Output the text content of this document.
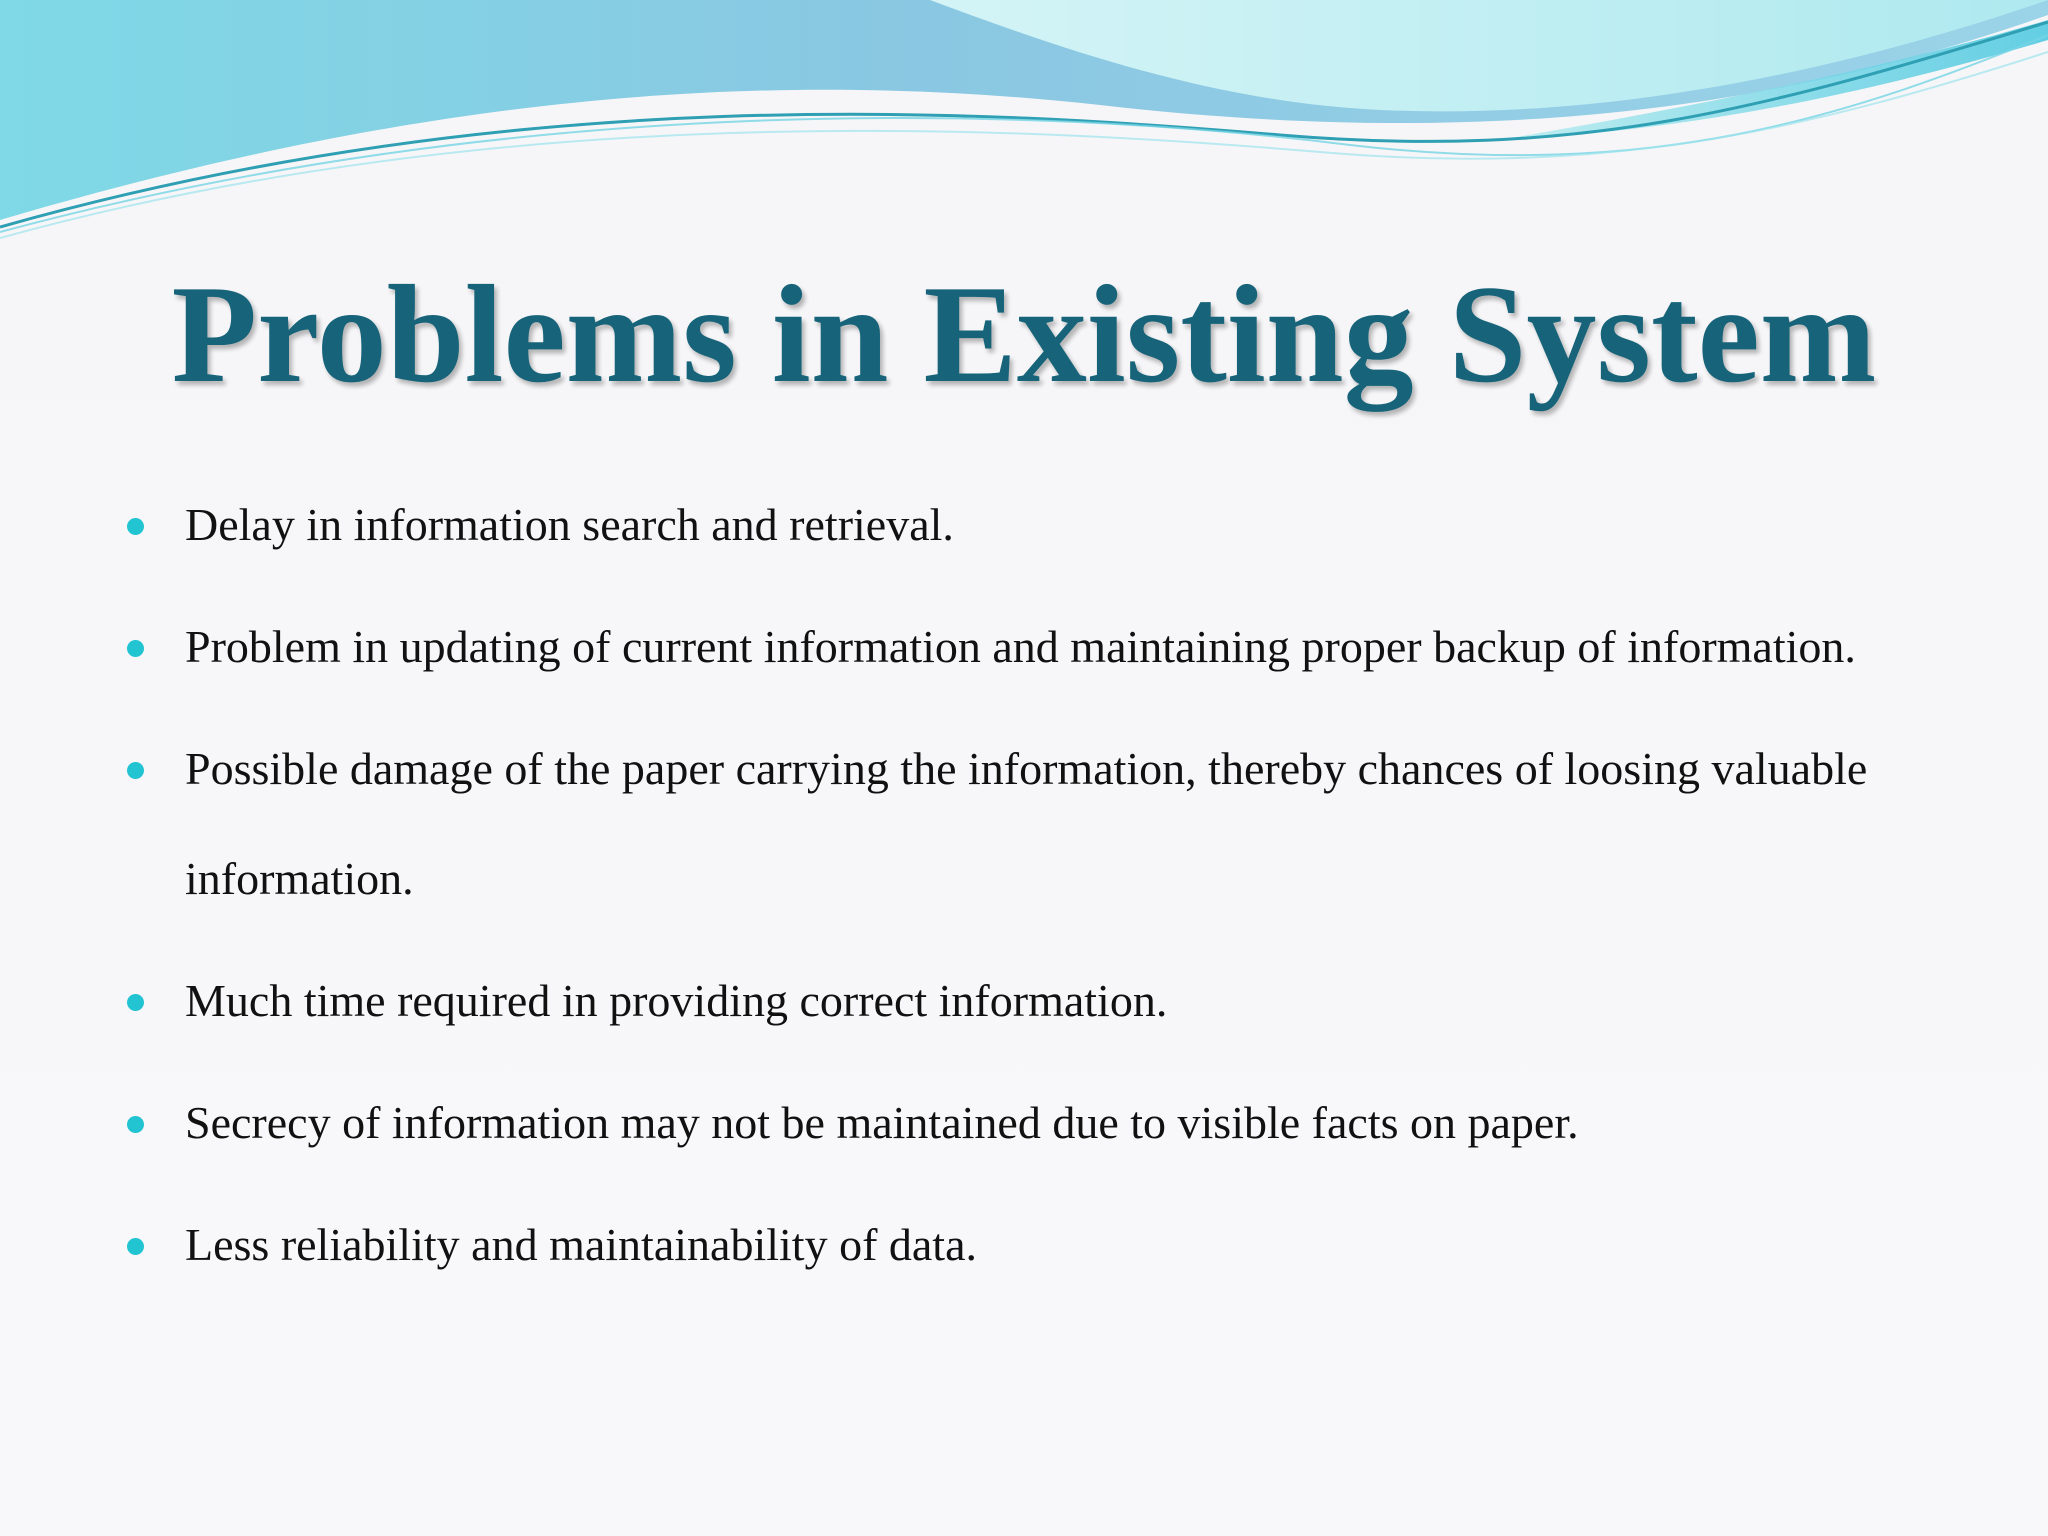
Problems in Existing System
Delay in information search and retrieval.
Problem in updating of current information and maintaining proper backup of information.
Possible damage of the paper carrying the information, thereby chances of loosing valuable information.
Much time required in providing correct information.
Secrecy of information may not be maintained due to visible facts on paper.
Less reliability and maintainability of data.
